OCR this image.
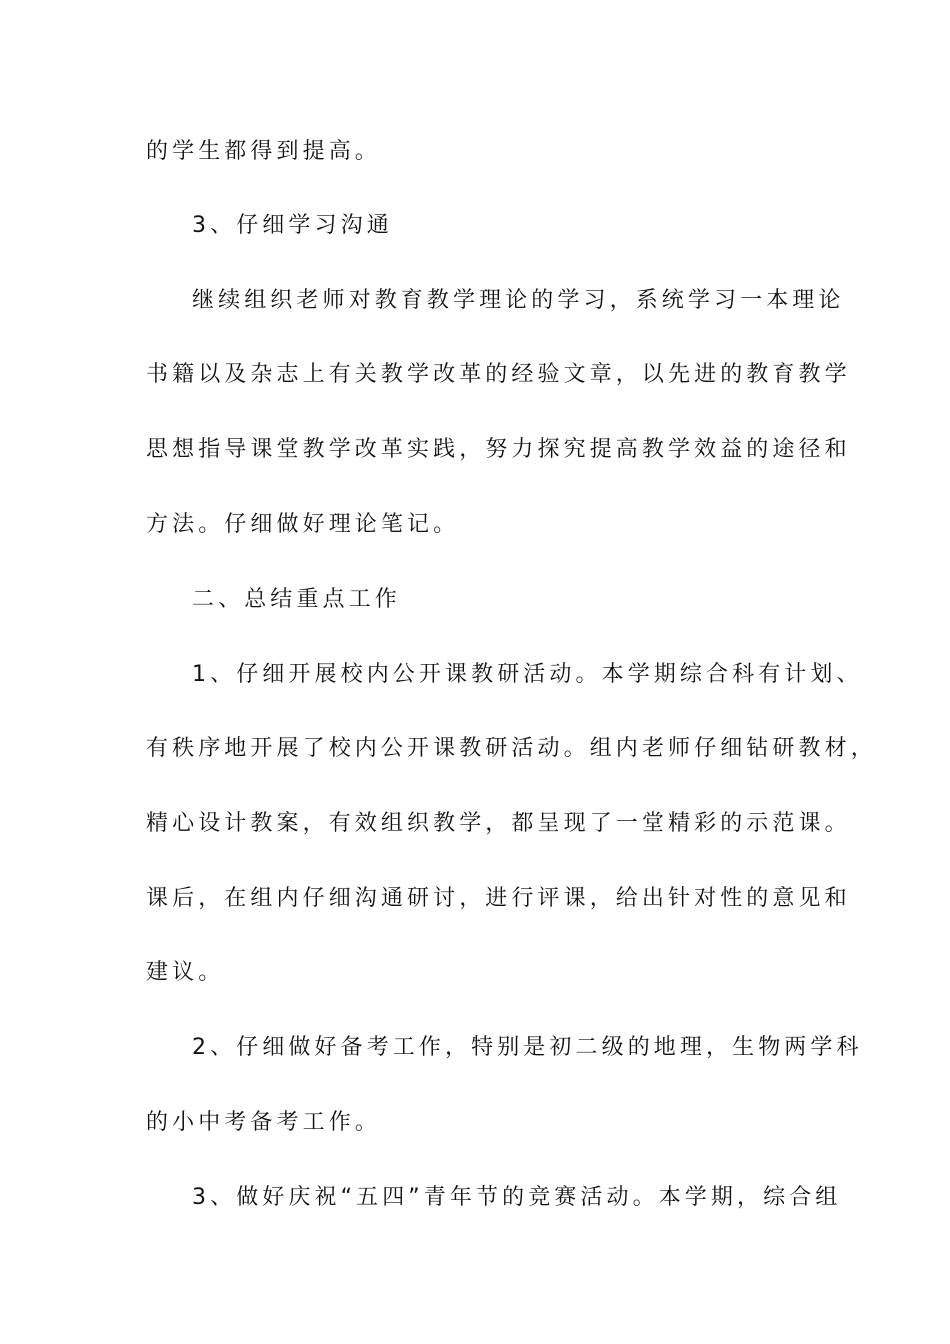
的学生都得到提高。
3、仔细学习沟通
继续组织老师对教育教学理论的学习，系统学习一本理论
书籍以及杂志上有关教学改革的经验文章，以先进的教育教学
思想指导课堂教学改革实践，努力探究提高教学效益的途径和
方法。仔细做好理论笔记。
二、总结重点工作
1、仔细开展校内公开课教研活动。本学期综合科有计划、
有秩序地开展了校内公开课教研活动。组内老师仔细钻研教材，
精心设计教案，有效组织教学，都呈现了一堂精彩的示范课。
课后，在组内仔细沟通研讨，进行评课，给出针对性的意见和
建议。
2、仔细做好备考工作，特别是初二级的地理，生物两学科
的小中考备考工作。
3、做好庆祝“五四”青年节的竞赛活动。本学期，综合组
